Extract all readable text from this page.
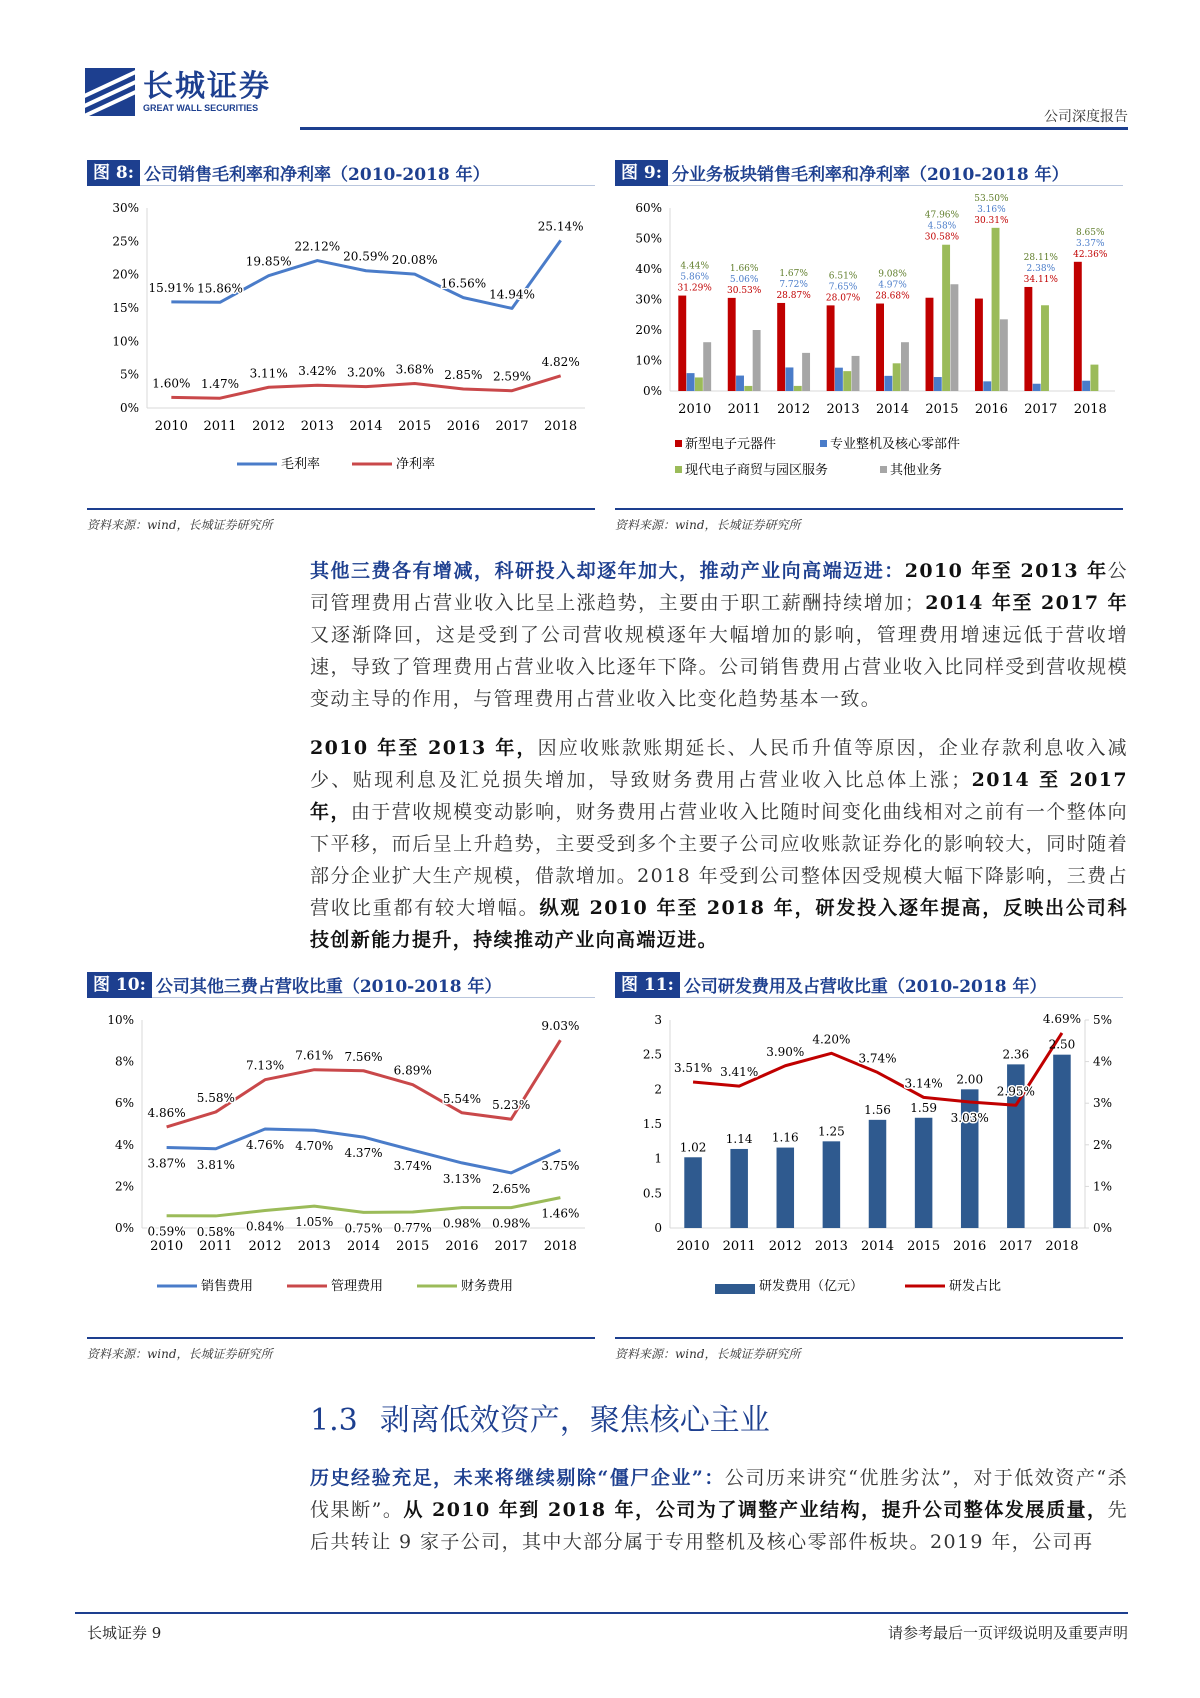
长城证券
GREAT WALL SECURITIES
公司深度报告
图 8: 公司销售毛利率和净利率（2010-2018 年）
0%
5%
10%
15%
20%
25%
30%
2010 2011 2012 2013 2014 2015 2016 2017 2018
15.91% 15.86%
19.85%
22.12%
20.59% 20.08%
16.56%
14.94%
25.14%
1.60% 1.47%
3.11% 3.42% 3.20% 3.68% 2.85% 2.59%
4.82%
毛利率	净利率
资料来源：wind，长城证券研究所
图 9: 分业务板块销售毛利率和净利率（2010-2018 年）
0%
10%
20%
30%
40%
50%
60%
2010 2011 2012 2013 2014 2015 2016 2017 2018
31.29% 30.53%
28.87% 28.07% 28.68%
30.58%
30.31%
34.11%
42.36%
5.86% 5.06%
7.72% 7.65% 4.97%
4.58%
3.16%
2.38%
3.37%
4.44% 1.66%
1.67% 6.51% 9.08%
47.96%
53.50%
28.11%
8.65%
新型电子元器件	专业整机及核心零部件
现代电子商贸与园区服务	其他业务
资料来源：wind，长城证券研究所
其他三费各有增减，科研投入却逐年加大，推动产业向高端迈进：2010 年至 2013 年公司管理费用占营业收入比呈上涨趋势，主要由于职工薪酬持续增加；2014 年至 2017 年又逐渐降回，这是受到了公司营收规模逐年大幅增加的影响，管理费用增速远低于营收增速，导致了管理费用占营业收入比逐年下降。公司销售费用占营业收入比同样受到营收规模变动主导的作用，与管理费用占营业收入比变化趋势基本一致。
2010 年至 2013 年，因应收账款账期延长、人民币升值等原因，企业存款利息收入减少、贴现利息及汇兑损失增加，导致财务费用占营业收入比总体上涨；2014 至 2017 年，由于营收规模变动影响，财务费用占营业收入比随时间变化曲线相对之前有一个整体向下平移，而后呈上升趋势，主要受到多个主要子公司应收账款证券化的影响较大，同时随着部分企业扩大生产规模，借款增加。2018 年受到公司整体因受规模大幅下降影响，三费占营收比重都有较大增幅。纵观 2010 年至 2018 年，研发投入逐年提高，反映出公司科技创新能力提升，持续推动产业向高端迈进。
图 10: 公司其他三费占营收比重（2010-2018 年）
0%
2%
4%
6%
8%
10%
2010 2011 2012 2013 2014 2015 2016 2017 2018
3.87% 3.81%
4.76% 4.70% 4.37%
3.74%
3.13%
2.65%
3.75%
4.86%
5.58%
7.13%
7.61% 7.56%
6.89%
5.54% 5.23%
9.03%
0.59% 0.58% 0.84% 1.05% 0.75% 0.77% 0.98% 0.98%
1.46%
销售费用	管理费用	财务费用
资料来源：wind，长城证券研究所
图 11: 公司研发费用及占营收比重（2010-2018 年）
0
0.5
1
1.5
2
2.5
3
0%
1%
2%
3%
4%
5%
2010 2011 2012 2013 2014 2015 2016 2017 2018
1.02
1.14 1.16 1.25
1.56 1.59
2.00
2.36
2.50
3.51% 3.41%
3.90%
4.20%
3.74%
3.14%
3.03%
2.95%
4.69%
研发费用（亿元）	研发占比
资料来源：wind，长城证券研究所
1.3 剥离低效资产，聚焦核心主业
历史经验充足，未来将继续剔除“僵尸企业”：公司历来讲究“优胜劣汰”，对于低效资产“杀伐果断”。从 2010 年到 2018 年，公司为了调整产业结构，提升公司整体发展质量，先后共转让 9 家子公司，其中大部分属于专用整机及核心零部件板块。2019 年，公司再
长城证券 9	请参考最后一页评级说明及重要声明
